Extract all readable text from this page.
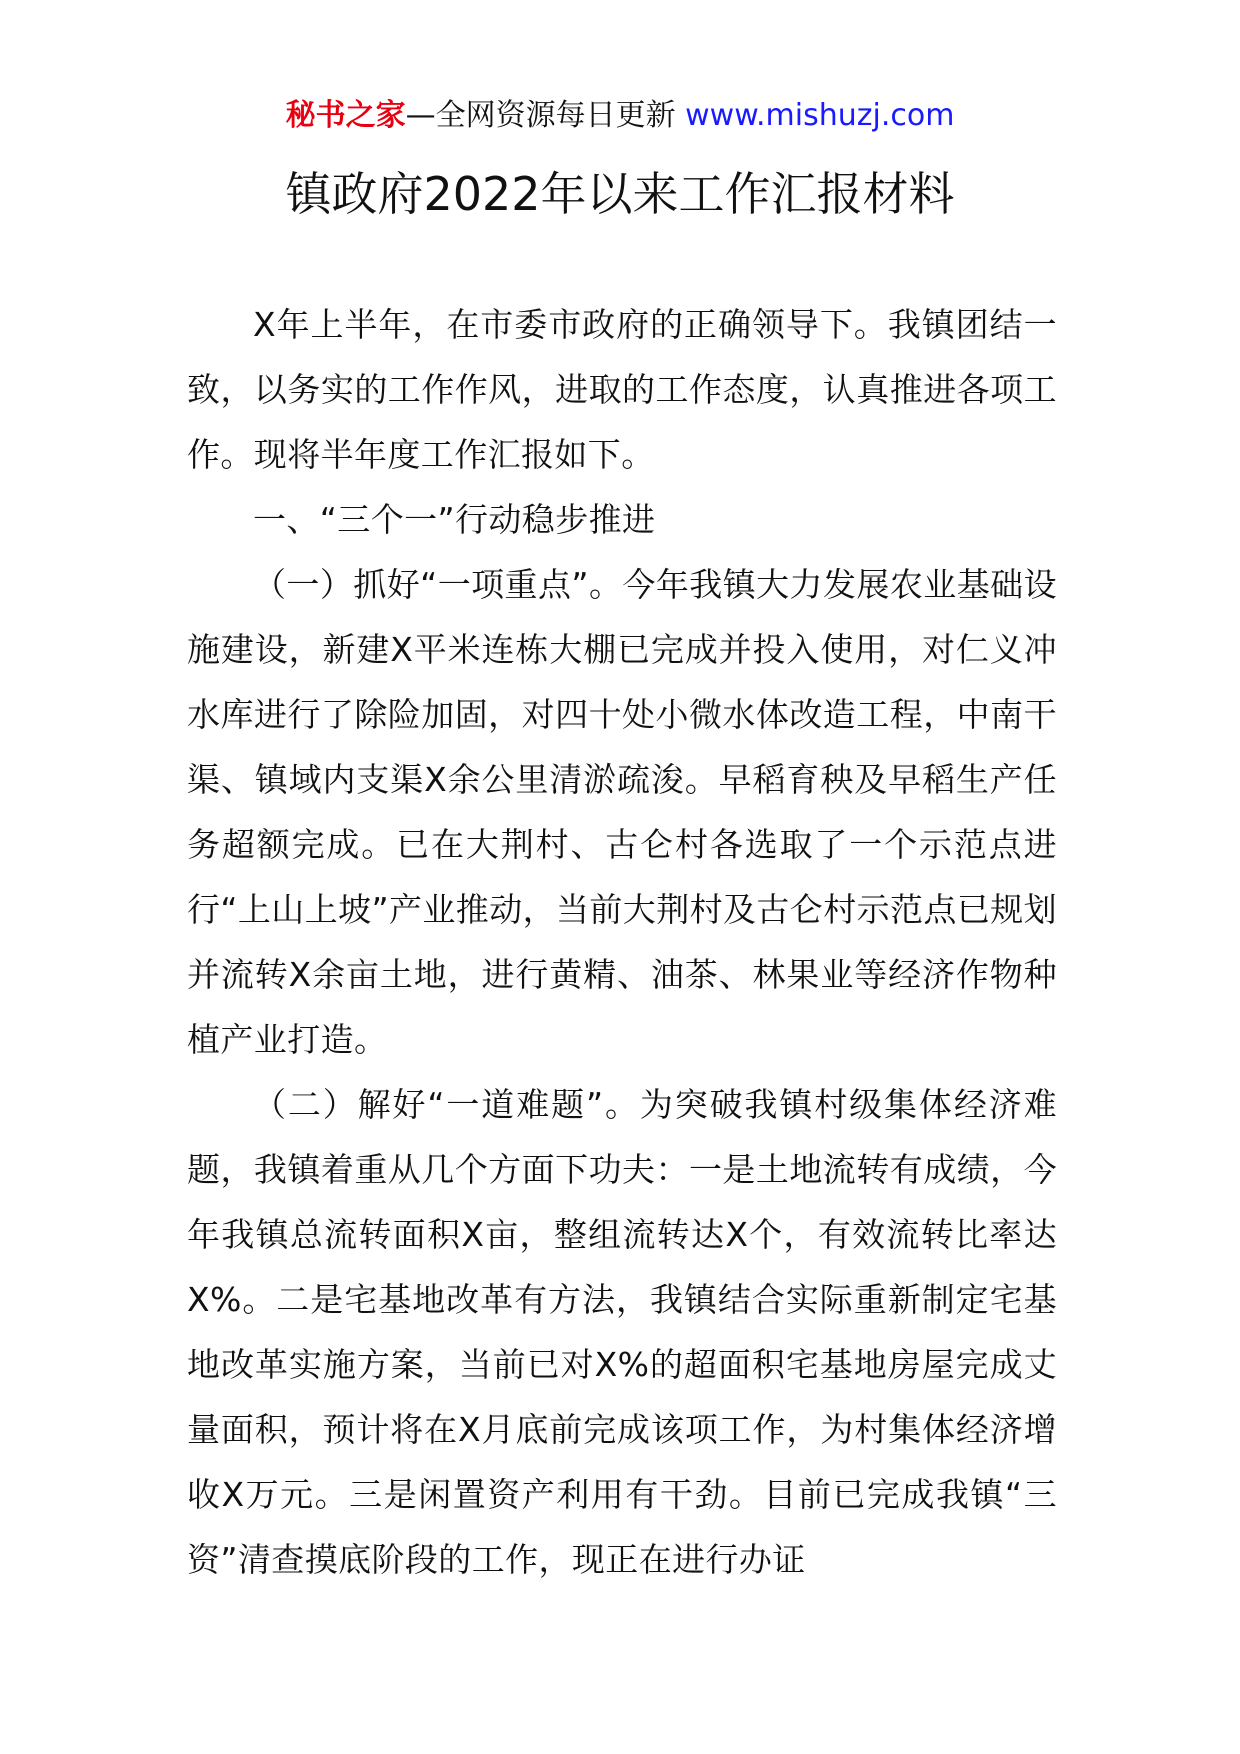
秘书之家—全网资源每日更新 www.mishuzj.com
镇政府2022年以来工作汇报材料

X年上半年，在市委市政府的正确领导下。我镇团结一致，以务实的工作作风，进取的工作态度，认真推进各项工作。现将半年度工作汇报如下。

一、“三个一”行动稳步推进

（一）抓好“一项重点”。今年我镇大力发展农业基础设施建设，新建X平米连栋大棚已完成并投入使用，对仁义冲水库进行了除险加固，对四十处小微水体改造工程，中南干渠、镇域内支渠X余公里清淤疏浚。早稻育秧及早稻生产任务超额完成。已在大荆村、古仑村各选取了一个示范点进行“上山上坡”产业推动，当前大荆村及古仑村示范点已规划并流转X余亩土地，进行黄精、油茶、林果业等经济作物种植产业打造。

（二）解好“一道难题”。为突破我镇村级集体经济难题，我镇着重从几个方面下功夫：一是土地流转有成绩，今年我镇总流转面积X亩，整组流转达X个，有效流转比率达X%。二是宅基地改革有方法，我镇结合实际重新制定宅基地改革实施方案，当前已对X%的超面积宅基地房屋完成丈量面积，预计将在X月底前完成该项工作，为村集体经济增收X万元。三是闲置资产利用有干劲。目前已完成我镇“三资”清查摸底阶段的工作，现正在进行办证
